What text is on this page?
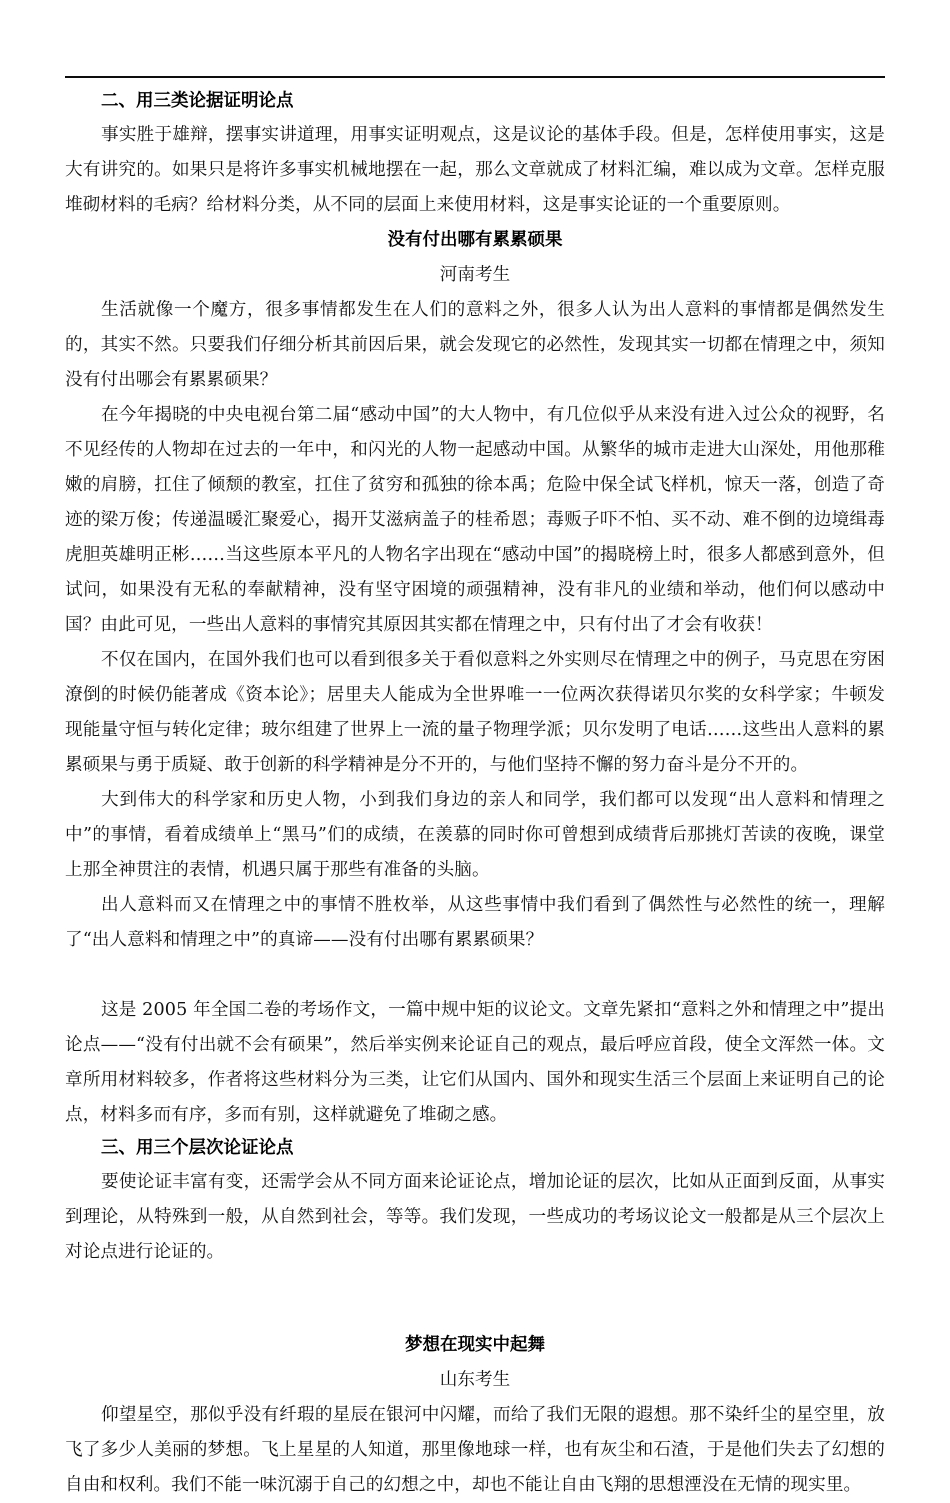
二、用三类论据证明论点

事实胜于雄辩，摆事实讲道理，用事实证明观点，这是议论的基体手段。但是，怎样使用事实，这是大有讲究的。如果只是将许多事实机械地摆在一起，那么文章就成了材料汇编，难以成为文章。怎样克服堆砌材料的毛病？给材料分类，从不同的层面上来使用材料，这是事实论证的一个重要原则。

没有付出哪有累累硕果
河南考生

生活就像一个魔方，很多事情都发生在人们的意料之外，很多人认为出人意料的事情都是偶然发生的，其实不然。只要我们仔细分析其前因后果，就会发现它的必然性，发现其实一切都在情理之中，须知没有付出哪会有累累硕果？

在今年揭晓的中央电视台第二届“感动中国”的大人物中，有几位似乎从来没有进入过公众的视野，名不见经传的人物却在过去的一年中，和闪光的人物一起感动中国。从繁华的城市走进大山深处，用他那稚嫩的肩膀，扛住了倾颓的教室，扛住了贫穷和孤独的徐本禹；危险中保全试飞样机，惊天一落，创造了奇迹的梁万俊；传递温暖汇聚爱心，揭开艾滋病盖子的桂希恩；毒贩子吓不怕、买不动、难不倒的边境缉毒虎胆英雄明正彬……当这些原本平凡的人物名字出现在“感动中国”的揭晓榜上时，很多人都感到意外，但试问，如果没有无私的奉献精神，没有坚守困境的顽强精神，没有非凡的业绩和举动，他们何以感动中国？由此可见，一些出人意料的事情究其原因其实都在情理之中，只有付出了才会有收获！

不仅在国内，在国外我们也可以看到很多关于看似意料之外实则尽在情理之中的例子，马克思在穷困潦倒的时候仍能著成《资本论》；居里夫人能成为全世界唯一一位两次获得诺贝尔奖的女科学家；牛顿发现能量守恒与转化定律；玻尔组建了世界上一流的量子物理学派；贝尔发明了电话……这些出人意料的累累硕果与勇于质疑、敢于创新的科学精神是分不开的，与他们坚持不懈的努力奋斗是分不开的。

大到伟大的科学家和历史人物，小到我们身边的亲人和同学，我们都可以发现“出人意料和情理之中”的事情，看着成绩单上“黑马”们的成绩，在羡慕的同时你可曾想到成绩背后那挑灯苦读的夜晚，课堂上那全神贯注的表情，机遇只属于那些有准备的头脑。

出人意料而又在情理之中的事情不胜枚举，从这些事情中我们看到了偶然性与必然性的统一，理解了“出人意料和情理之中”的真谛——没有付出哪有累累硕果？

这是 2005 年全国二卷的考场作文，一篇中规中矩的议论文。文章先紧扣“意料之外和情理之中”提出论点——“没有付出就不会有硕果”，然后举实例来论证自己的观点，最后呼应首段，使全文浑然一体。文章所用材料较多，作者将这些材料分为三类，让它们从国内、国外和现实生活三个层面上来证明自己的论点，材料多而有序，多而有别，这样就避免了堆砌之感。

三、用三个层次论证论点

要使论证丰富有变，还需学会从不同方面来论证论点，增加论证的层次，比如从正面到反面，从事实到理论，从特殊到一般，从自然到社会，等等。我们发现，一些成功的考场议论文一般都是从三个层次上对论点进行论证的。

梦想在现实中起舞
山东考生

仰望星空，那似乎没有纤瑕的星辰在银河中闪耀，而给了我们无限的遐想。那不染纤尘的星空里，放飞了多少人美丽的梦想。飞上星星的人知道，那里像地球一样，也有灰尘和石渣，于是他们失去了幻想的自由和权利。我们不能一味沉溺于自己的幻想之中，却也不能让自由飞翔的思想湮没在无情的现实里。
